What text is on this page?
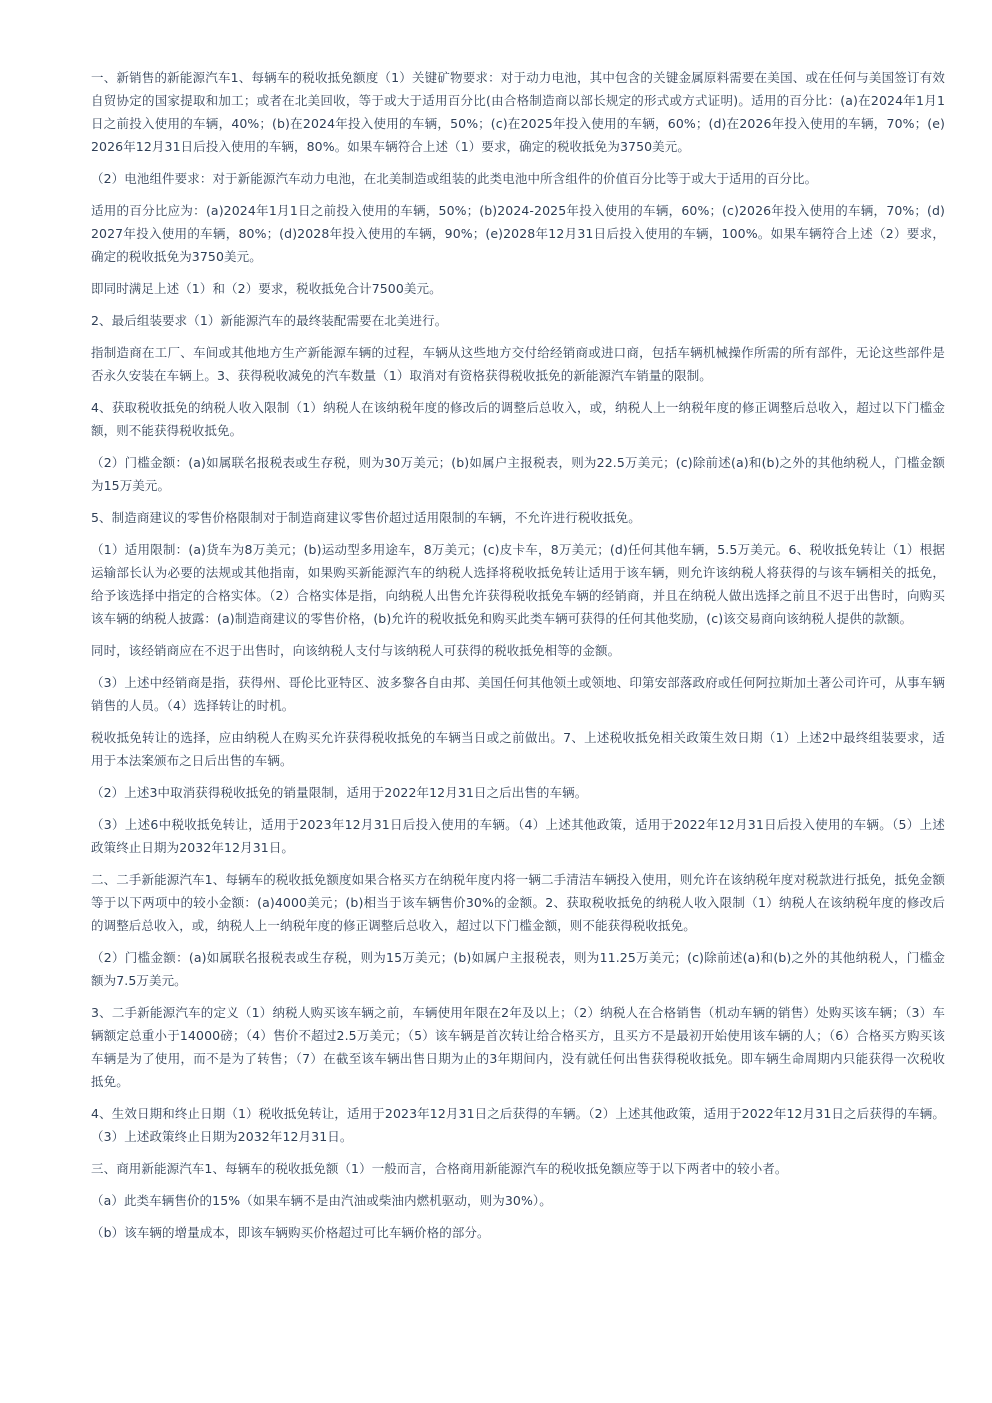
一、新销售的新能源汽车1、每辆车的税收抵免额度（1）关键矿物要求：对于动力电池，其中包含的关键金属原料需要在美国、或在任何与美国签订有效自贸协定的国家提取和加工；或者在北美回收，等于或大于适用百分比(由合格制造商以部长规定的形式或方式证明)。适用的百分比：(a)在2024年1月1日之前投入使用的车辆，40%；(b)在2024年投入使用的车辆，50%；(c)在2025年投入使用的车辆，60%；(d)在2026年投入使用的车辆，70%；(e)2026年12月31日后投入使用的车辆，80%。如果车辆符合上述（1）要求，确定的税收抵免为3750美元。

（2）电池组件要求：对于新能源汽车动力电池，在北美制造或组装的此类电池中所含组件的价值百分比等于或大于适用的百分比。

适用的百分比应为：(a)2024年1月1日之前投入使用的车辆，50%；(b)2024-2025年投入使用的车辆，60%；(c)2026年投入使用的车辆，70%；(d)2027年投入使用的车辆，80%；(d)2028年投入使用的车辆，90%；(e)2028年12月31日后投入使用的车辆，100%。如果车辆符合上述（2）要求，确定的税收抵免为3750美元。

即同时满足上述（1）和（2）要求，税收抵免合计7500美元。

2、最后组装要求（1）新能源汽车的最终装配需要在北美进行。

指制造商在工厂、车间或其他地方生产新能源车辆的过程，车辆从这些地方交付给经销商或进口商，包括车辆机械操作所需的所有部件，无论这些部件是否永久安装在车辆上。3、获得税收减免的汽车数量（1）取消对有资格获得税收抵免的新能源汽车销量的限制。

4、获取税收抵免的纳税人收入限制（1）纳税人在该纳税年度的修改后的调整后总收入，或，纳税人上一纳税年度的修正调整后总收入，超过以下门槛金额，则不能获得税收抵免。

（2）门槛金额：(a)如属联名报税表或生存税，则为30万美元；(b)如属户主报税表，则为22.5万美元；(c)除前述(a)和(b)之外的其他纳税人，门槛金额为15万美元。

5、制造商建议的零售价格限制对于制造商建议零售价超过适用限制的车辆，不允许进行税收抵免。

（1）适用限制：(a)货车为8万美元；(b)运动型多用途车，8万美元；(c)皮卡车，8万美元；(d)任何其他车辆，5.5万美元。6、税收抵免转让（1）根据运输部长认为必要的法规或其他指南，如果购买新能源汽车的纳税人选择将税收抵免转让适用于该车辆，则允许该纳税人将获得的与该车辆相关的抵免，给予该选择中指定的合格实体。（2）合格实体是指，向纳税人出售允许获得税收抵免车辆的经销商，并且在纳税人做出选择之前且不迟于出售时，向购买该车辆的纳税人披露：(a)制造商建议的零售价格，(b)允许的税收抵免和购买此类车辆可获得的任何其他奖励，(c)该交易商向该纳税人提供的款额。

同时，该经销商应在不迟于出售时，向该纳税人支付与该纳税人可获得的税收抵免相等的金额。

（3）上述中经销商是指，获得州、哥伦比亚特区、波多黎各自由邦、美国任何其他领土或领地、印第安部落政府或任何阿拉斯加土著公司许可，从事车辆销售的人员。（4）选择转让的时机。

税收抵免转让的选择，应由纳税人在购买允许获得税收抵免的车辆当日或之前做出。7、上述税收抵免相关政策生效日期（1）上述2中最终组装要求，适用于本法案颁布之日后出售的车辆。

（2）上述3中取消获得税收抵免的销量限制，适用于2022年12月31日之后出售的车辆。

（3）上述6中税收抵免转让，适用于2023年12月31日后投入使用的车辆。（4）上述其他政策，适用于2022年12月31日后投入使用的车辆。（5）上述政策终止日期为2032年12月31日。

二、二手新能源汽车1、每辆车的税收抵免额度如果合格买方在纳税年度内将一辆二手清洁车辆投入使用，则允许在该纳税年度对税款进行抵免，抵免金额等于以下两项中的较小金额：(a)4000美元；(b)相当于该车辆售价30%的金额。2、获取税收抵免的纳税人收入限制（1）纳税人在该纳税年度的修改后的调整后总收入，或，纳税人上一纳税年度的修正调整后总收入，超过以下门槛金额，则不能获得税收抵免。

（2）门槛金额：(a)如属联名报税表或生存税，则为15万美元；(b)如属户主报税表，则为11.25万美元；(c)除前述(a)和(b)之外的其他纳税人，门槛金额为7.5万美元。

3、二手新能源汽车的定义（1）纳税人购买该车辆之前，车辆使用年限在2年及以上；（2）纳税人在合格销售（机动车辆的销售）处购买该车辆；（3）车辆额定总重小于14000磅；（4）售价不超过2.5万美元；（5）该车辆是首次转让给合格买方，且买方不是最初开始使用该车辆的人；（6）合格买方购买该车辆是为了使用，而不是为了转售；（7）在截至该车辆出售日期为止的3年期间内，没有就任何出售获得税收抵免。即车辆生命周期内只能获得一次税收抵免。

4、生效日期和终止日期（1）税收抵免转让，适用于2023年12月31日之后获得的车辆。（2）上述其他政策，适用于2022年12月31日之后获得的车辆。（3）上述政策终止日期为2032年12月31日。

三、商用新能源汽车1、每辆车的税收抵免额（1）一般而言，合格商用新能源汽车的税收抵免额应等于以下两者中的较小者。

（a）此类车辆售价的15%（如果车辆不是由汽油或柴油内燃机驱动，则为30%）。

（b）该车辆的增量成本，即该车辆购买价格超过可比车辆价格的部分。
